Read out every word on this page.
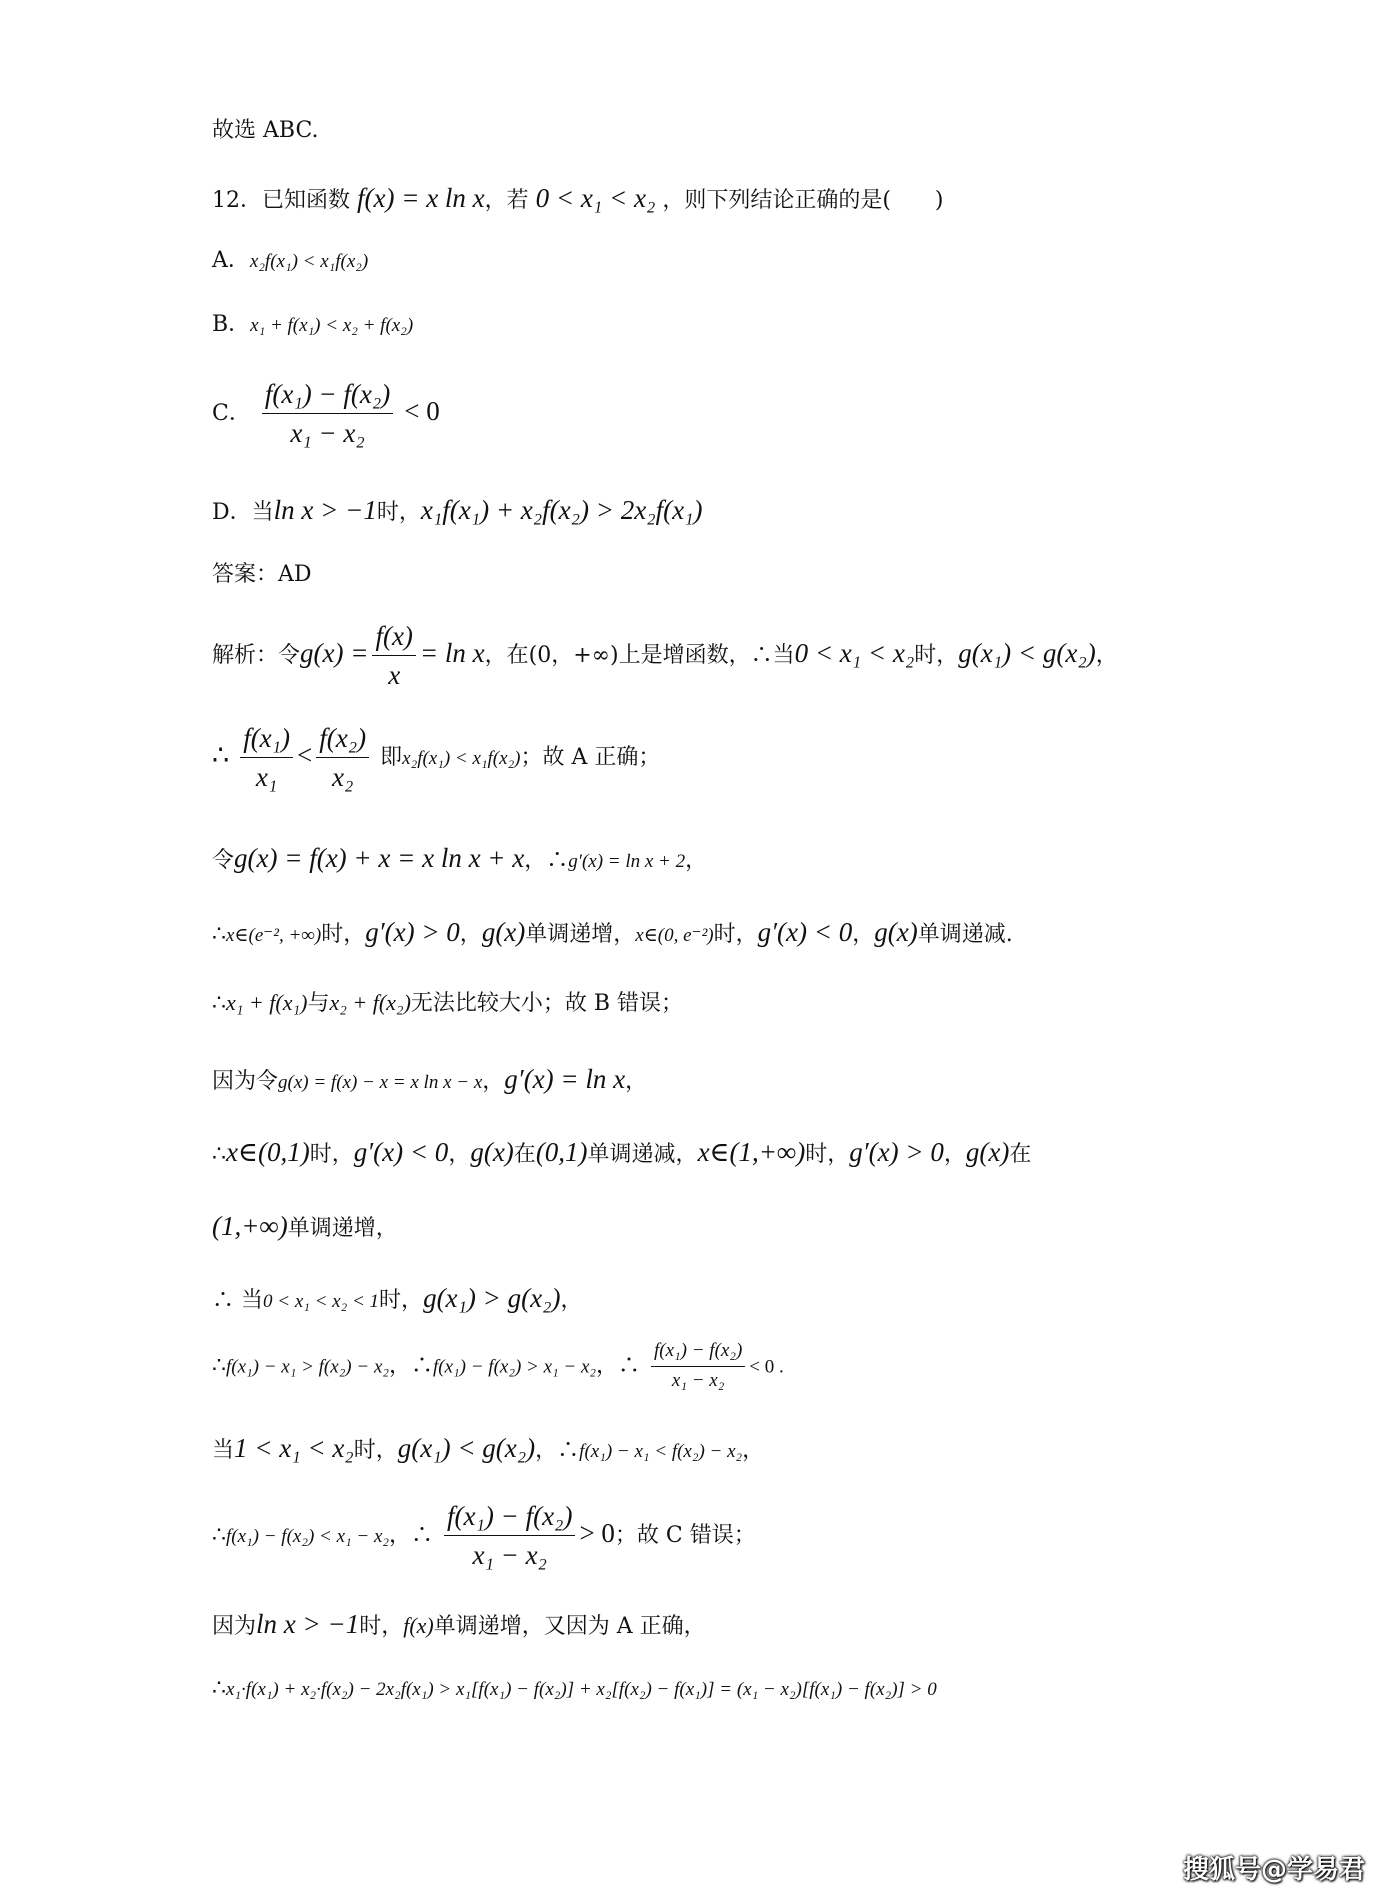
故选 ABC.
12．已知函数 f(x) = x ln x，若 0 < x₁ < x₂ ，则下列结论正确的是(　　)
A．x₂f(x₁) < x₁f(x₂)
B．x₁ + f(x₁) < x₂ + f(x₂)
C． $\frac{\text{f(x₁) − f(x₂)}}{\text{x₁ − x₂}} < 0$
D．当ln x > −1时，x₁f(x₁) + x₂f(x₂) > 2x₂f(x₁)
答案：AD
解析：令$g(x) = \frac{f(x)}{x} = \ln x$，在(0，+∞)上是增函数，∴当0 < x₁ < x₂时，g(x₁) < g(x₂)，
∴ $\frac{\text{f(x₁)}}{\text{x₁}} < \frac{\text{f(x₂)}}{\text{x₂}}$ 即x₂f(x₁) < x₁f(x₂)；故 A 正确；
令g(x) = f(x) + x = x ln x + x，∴g′(x) = ln x + 2，
∴x∈(e⁻², +∞)时，g′(x) > 0，g(x)单调递增，x∈(0, e⁻²)时，g′(x) < 0，g(x)单调递减.
∴x₁ + f(x₁)与x₂ + f(x₂)无法比较大小；故 B 错误；
因为令g(x) = f(x) − x = x ln x − x，g′(x) = ln x，
∴x∈(0,1)时，g′(x) < 0，g(x)在(0,1)单调递减，x∈(1,+∞)时，g′(x) > 0，g(x)在
(1,+∞)单调递增，
∴ 当0 < x₁ < x₂ < 1时，g(x₁) > g(x₂)，
∴f(x₁) − x₁ > f(x₂) − x₂，∴f(x₁) − f(x₂) > x₁ − x₂，∴ $\frac{\text{f(x₁) − f(x₂)}}{\text{x₁ − x₂}} < 0$ .
当1 < x₁ < x₂时，g(x₁) < g(x₂)，∴f(x₁) − x₁ < f(x₂) − x₂，
∴f(x₁) − f(x₂) < x₁ − x₂，∴ $\frac{\text{f(x₁) − f(x₂)}}{\text{x₁ − x₂}} > 0$；故 C 错误；
因为ln x > −1时，f(x)单调递增，又因为 A 正确，
∴x₁·f(x₁) + x₂·f(x₂) − 2x₂f(x₁) > x₁[f(x₁) − f(x₂)] + x₂[f(x₂) − f(x₁)] = (x₁ − x₂)[f(x₁) − f(x₂)] > 0
搜狐号@学易君
